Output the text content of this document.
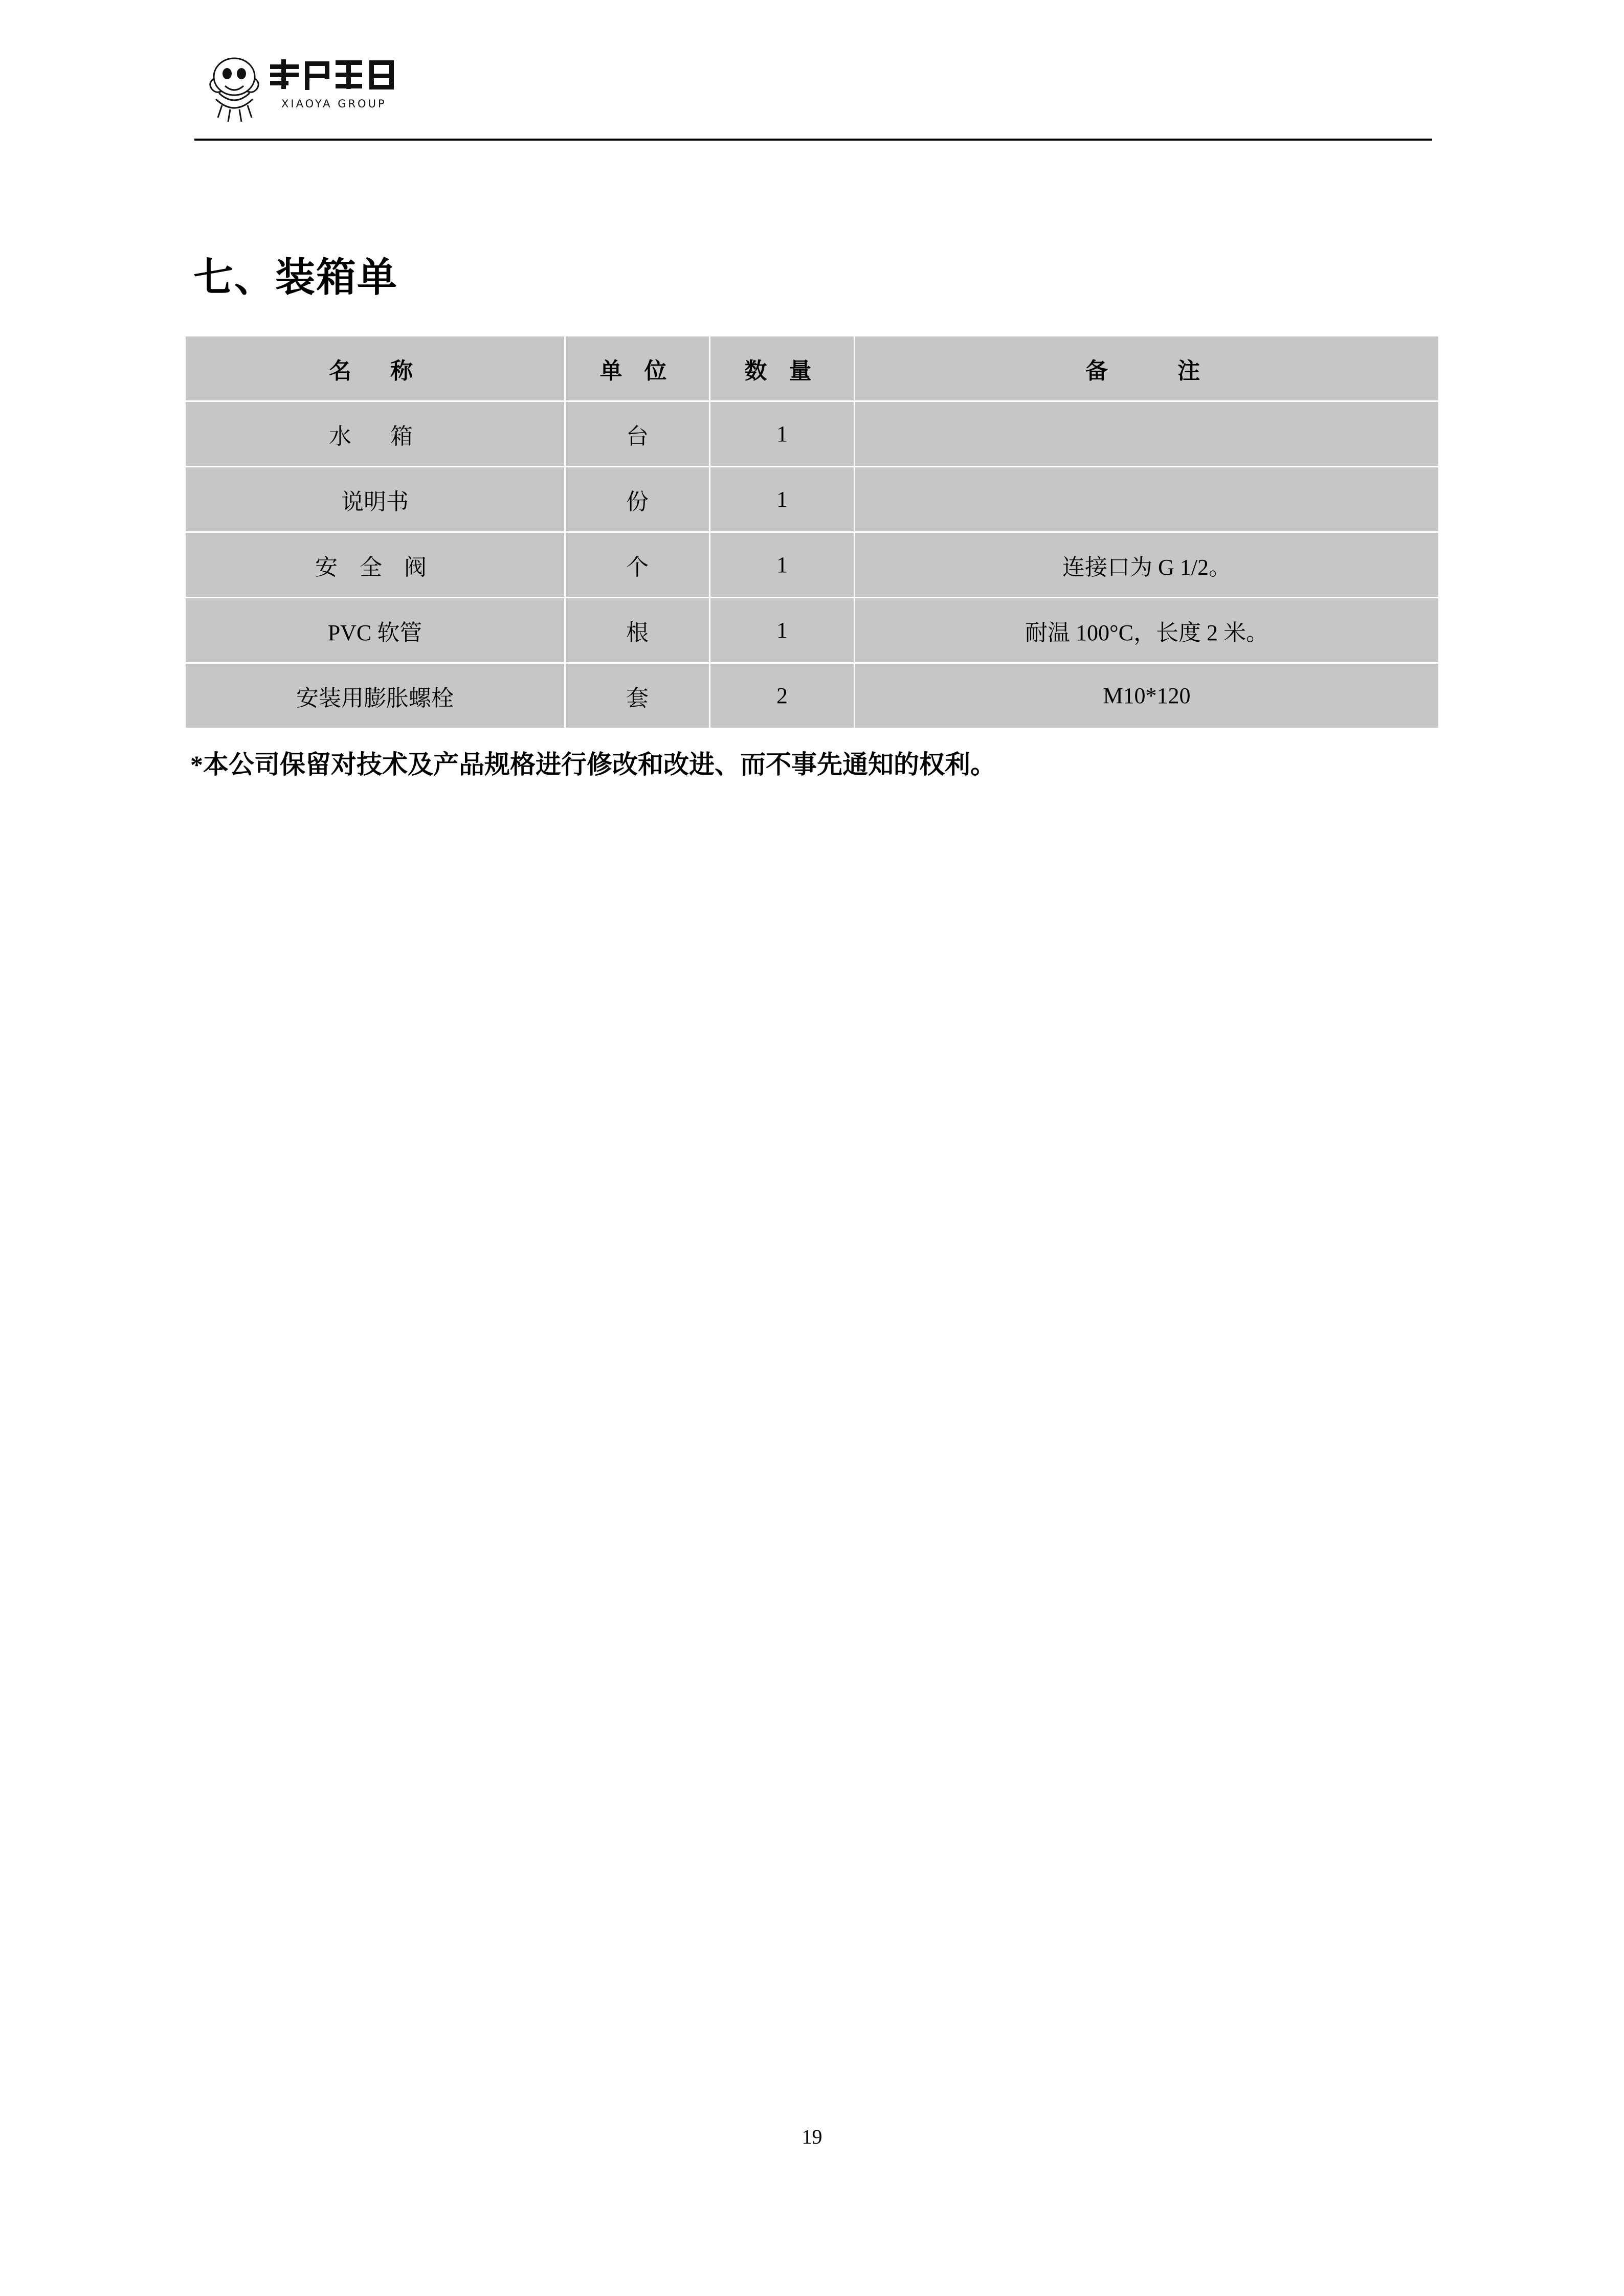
XIAOYA GROUP
七、装箱单
名　称	单 位	数 量	备　　注
水　箱	台	1	
说明书	份	1	
安 全 阀	个	1	连接口为 G 1/2。
PVC 软管	根	1	耐温 100°C，长度 2 米。
安装用膨胀螺栓	套	2	M10*120
*本公司保留对技术及产品规格进行修改和改进、而不事先通知的权利。
19
